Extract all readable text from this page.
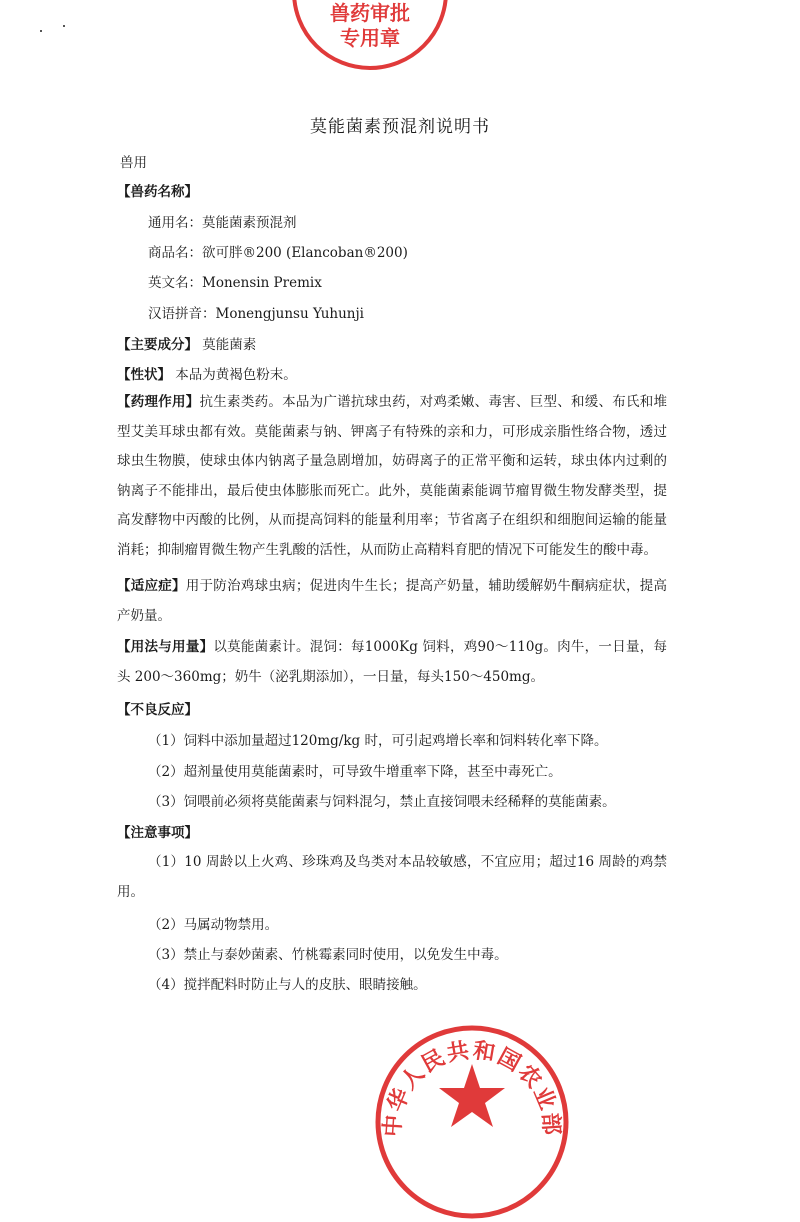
兽药审批
专用章
莫能菌素预混剂说明书
兽用
【兽药名称】
通用名：莫能菌素预混剂
商品名：欲可胖®200 (Elancoban®200)
英文名：Monensin Premix
汉语拼音：Monengjunsu Yuhunji
【主要成分】 莫能菌素
【性状】 本品为黄褐色粉末。
【药理作用】抗生素类药。本品为广谱抗球虫药，对鸡柔嫩、毒害、巨型、和缓、布氏和堆型艾美耳球虫都有效。莫能菌素与钠、钾离子有特殊的亲和力，可形成亲脂性络合物，透过球虫生物膜，使球虫体内钠离子量急剧增加，妨碍离子的正常平衡和运转，球虫体内过剩的钠离子不能排出，最后使虫体膨胀而死亡。此外，莫能菌素能调节瘤胃微生物发酵类型，提高发酵物中丙酸的比例，从而提高饲料的能量利用率；节省离子在组织和细胞间运输的能量消耗；抑制瘤胃微生物产生乳酸的活性，从而防止高精料育肥的情况下可能发生的酸中毒。
【适应症】用于防治鸡球虫病；促进肉牛生长；提高产奶量，辅助缓解奶牛酮病症状，提高产奶量。
【用法与用量】以莫能菌素计。混饲：每1000Kg 饲料，鸡90～110g。肉牛，一日量，每头 200～360mg；奶牛（泌乳期添加），一日量，每头150～450mg。
【不良反应】
（1）饲料中添加量超过120mg/kg 时，可引起鸡增长率和饲料转化率下降。
（2）超剂量使用莫能菌素时，可导致牛增重率下降，甚至中毒死亡。
（3）饲喂前必须将莫能菌素与饲料混匀，禁止直接饲喂未经稀释的莫能菌素。
【注意事项】
（1）10 周龄以上火鸡、珍珠鸡及鸟类对本品较敏感，不宜应用；超过16 周龄的鸡禁用。
（2）马属动物禁用。
（3）禁止与泰妙菌素、竹桃霉素同时使用，以免发生中毒。
（4）搅拌配料时防止与人的皮肤、眼睛接触。
中华人民共和国农业部
